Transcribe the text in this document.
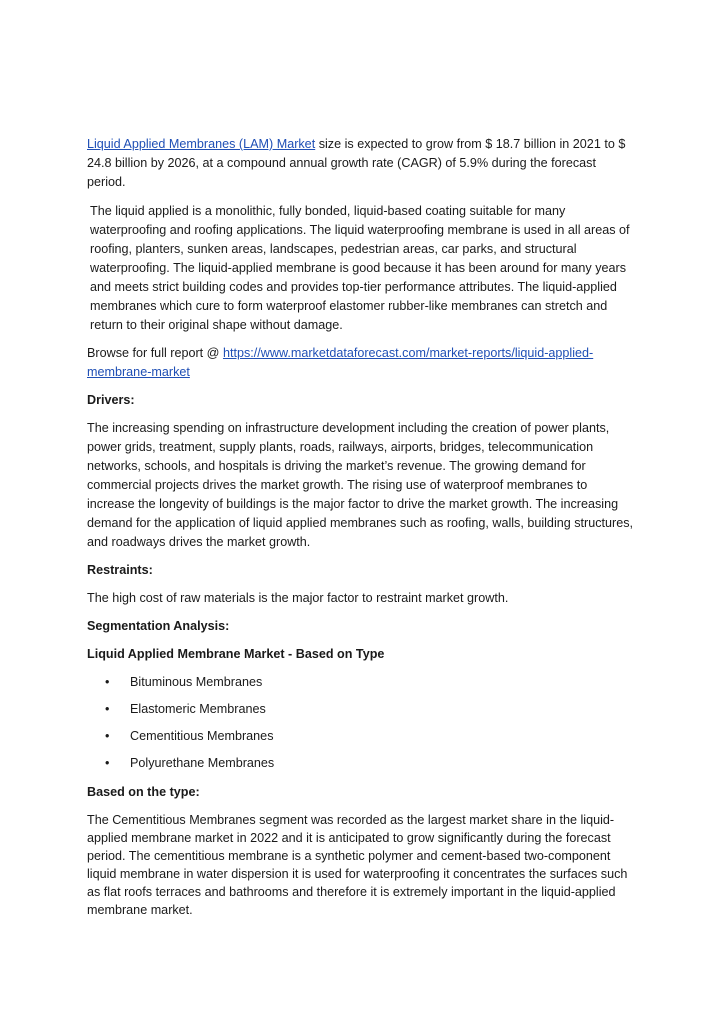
Liquid Applied Membranes (LAM) Market size is expected to grow from $ 18.7 billion in 2021 to $ 24.8 billion by 2026, at a compound annual growth rate (CAGR) of 5.9% during the forecast period.

The liquid applied is a monolithic, fully bonded, liquid-based coating suitable for many waterproofing and roofing applications. The liquid waterproofing membrane is used in all areas of roofing, planters, sunken areas, landscapes, pedestrian areas, car parks, and structural waterproofing. The liquid-applied membrane is good because it has been around for many years and meets strict building codes and provides top-tier performance attributes. The liquid-applied membranes which cure to form waterproof elastomer rubber-like membranes can stretch and return to their original shape without damage.

Browse for full report @ https://www.marketdataforecast.com/market-reports/liquid-applied-membrane-market

Drivers:

The increasing spending on infrastructure development including the creation of power plants, power grids, treatment, supply plants, roads, railways, airports, bridges, telecommunication networks, schools, and hospitals is driving the market’s revenue. The growing demand for commercial projects drives the market growth. The rising use of waterproof membranes to increase the longevity of buildings is the major factor to drive the market growth. The increasing demand for the application of liquid applied membranes such as roofing, walls, building structures, and roadways drives the market growth.

Restraints:

The high cost of raw materials is the major factor to restraint market growth.

Segmentation Analysis:

Liquid Applied Membrane Market - Based on Type

• Bituminous Membranes
• Elastomeric Membranes
• Cementitious Membranes
• Polyurethane Membranes

Based on the type:

The Cementitious Membranes segment was recorded as the largest market share in the liquid-applied membrane market in 2022 and it is anticipated to grow significantly during the forecast period. The cementitious membrane is a synthetic polymer and cement-based two-component liquid membrane in water dispersion it is used for waterproofing it concentrates the surfaces such as flat roofs terraces and bathrooms and therefore it is extremely important in the liquid-applied membrane market.
